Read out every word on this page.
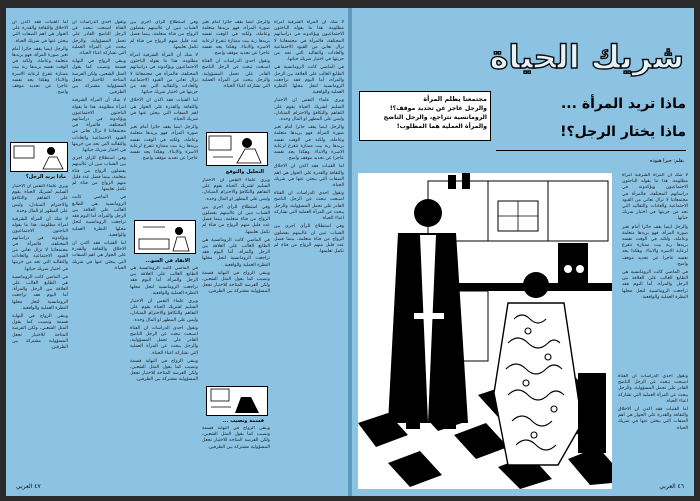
لا شك أن المرأة الشرقية امرأة مظلومة. هذا ما يقوله الباحثون الاجتماعيون ويؤكدونه في دراساتهم المختلفة، فالمرأة في مجتمعاتنا لا تزال تعاني من القيود الاجتماعية والعادات والتقاليد التي تحد من حريتها في اختيار شريك حياتها.

في الماضي كانت الرومانسية هي الطابع الغالب على العلاقة بين الرجل والمرأة، أما اليوم فقد تراجعت الرومانسية لتحل محلها النظرة العملية والواقعية.

ويرى علماء النفس ان الاختيار السليم لشريك الحياة يقوم على التفاهم والتكافؤ والاحترام المتبادل، وليس على المظهر او المال وحده.

والرجل ايضا يقف حائرا أمام تغير صورة المرأة، فهو يريدها متعلمة وعاملة، ولكنه في الوقت نفسه يريدها ربة بيت ممتازة تتفرغ لرعاية الاسرة والابناء. وهكذا يجد نفسه عاجزا عن تحديد موقف واضح.

اما الفتيات فقد اكدن ان الاخلاق والثقافة والقدرة على الحوار هي اهم الصفات التي يبحثن عنها في شريك الحياة.

وتقول احدى الدراسات ان الفتاة اصبحت تبحث عن الرجل الناضج القادر على تحمل المسؤولية، والرجل يبحث عن المرأة العملية التي تشاركه اعباء الحياة.

وفي استطلاع للرأي اجري بين الشباب تبين ان غالبيتهم يفضلون الزواج من فتاة متعلمة، بينما فضل عدد قليل منهم الزواج من فتاة لم تكمل تعليمها.

والرجل ايضا يقف حائرا أمام تغير صورة المرأة، فهو يريدها متعلمة وعاملة، ولكنه في الوقت نفسه يريدها ربة بيت ممتازة تتفرغ لرعاية الاسرة والابناء. وهكذا يجد نفسه عاجزا عن تحديد موقف واضح.

وتقول احدى الدراسات ان الفتاة اصبحت تبحث عن الرجل الناضج القادر على تحمل المسؤولية، والرجل يبحث عن المرأة العملية التي تشاركه اعباء الحياة.

التحليل والتوقع

ويرى علماء النفس ان الاختيار السليم لشريك الحياة يقوم على التفاهم والتكافؤ والاحترام المتبادل، وليس على المظهر او المال وحده.

وفي استطلاع للرأي اجري بين الشباب تبين ان غالبيتهم يفضلون الزواج من فتاة متعلمة، بينما فضل عدد قليل منهم الزواج من فتاة لم تكمل تعليمها.

في الماضي كانت الرومانسية هي الطابع الغالب على العلاقة بين الرجل والمرأة، أما اليوم فقد تراجعت الرومانسية لتحل محلها النظرة العملية والواقعية.

ويبقى الزواج في النهاية قسمة ونصيب كما يقول المثل الشعبي، ولكن الفرصة المتاحة للاختيار تجعل المسؤولية مشتركة بين الطرفين.

قسمة ونصيب ...

ويبقى الزواج في النهاية قسمة ونصيب كما يقول المثل الشعبي، ولكن الفرصة المتاحة للاختيار تجعل المسؤولية مشتركة بين الطرفين.

وفي استطلاع للرأي اجري بين الشباب تبين ان غالبيتهم يفضلون الزواج من فتاة متعلمة، بينما فضل عدد قليل منهم الزواج من فتاة لم تكمل تعليمها.

لا شك أن المرأة الشرقية امرأة مظلومة. هذا ما يقوله الباحثون الاجتماعيون ويؤكدونه في دراساتهم المختلفة، فالمرأة في مجتمعاتنا لا تزال تعاني من القيود الاجتماعية والعادات والتقاليد التي تحد من حريتها في اختيار شريك حياتها.

اما الفتيات فقد اكدن ان الاخلاق والثقافة والقدرة على الحوار هي اهم الصفات التي يبحثن عنها في شريك الحياة.

والرجل ايضا يقف حائرا أمام تغير صورة المرأة، فهو يريدها متعلمة وعاملة، ولكنه في الوقت نفسه يريدها ربة بيت ممتازة تتفرغ لرعاية الاسرة والابناء. وهكذا يجد نفسه عاجزا عن تحديد موقف واضح.

الانقاد في السو...

في الماضي كانت الرومانسية هي الطابع الغالب على العلاقة بين الرجل والمرأة، أما اليوم فقد تراجعت الرومانسية لتحل محلها النظرة العملية والواقعية.

ويرى علماء النفس ان الاختيار السليم لشريك الحياة يقوم على التفاهم والتكافؤ والاحترام المتبادل، وليس على المظهر او المال وحده.

وتقول احدى الدراسات ان الفتاة اصبحت تبحث عن الرجل الناضج القادر على تحمل المسؤولية، والرجل يبحث عن المرأة العملية التي تشاركه اعباء الحياة.

ويبقى الزواج في النهاية قسمة ونصيب كما يقول المثل الشعبي، ولكن الفرصة المتاحة للاختيار تجعل المسؤولية مشتركة بين الطرفين.

وتقول احدى الدراسات ان الفتاة اصبحت تبحث عن الرجل الناضج القادر على تحمل المسؤولية، والرجل يبحث عن المرأة العملية التي تشاركه اعباء الحياة.

ويبقى الزواج في النهاية قسمة ونصيب كما يقول المثل الشعبي، ولكن الفرصة المتاحة للاختيار تجعل المسؤولية مشتركة بين الطرفين.

لا شك أن المرأة الشرقية امرأة مظلومة. هذا ما يقوله الباحثون الاجتماعيون ويؤكدونه في دراساتهم المختلفة، فالمرأة في مجتمعاتنا لا تزال تعاني من القيود الاجتماعية والعادات والتقاليد التي تحد من حريتها في اختيار شريك حياتها.

وفي استطلاع للرأي اجري بين الشباب تبين ان غالبيتهم يفضلون الزواج من فتاة متعلمة، بينما فضل عدد قليل منهم الزواج من فتاة لم تكمل تعليمها.

في الماضي كانت الرومانسية هي الطابع الغالب على العلاقة بين الرجل والمرأة، أما اليوم فقد تراجعت الرومانسية لتحل محلها النظرة العملية والواقعية.

اما الفتيات فقد اكدن ان الاخلاق والثقافة والقدرة على الحوار هي اهم الصفات التي يبحثن عنها في شريك الحياة.

اما الفتيات فقد اكدن ان الاخلاق والثقافة والقدرة على الحوار هي اهم الصفات التي يبحثن عنها في شريك الحياة.

والرجل ايضا يقف حائرا أمام تغير صورة المرأة، فهو يريدها متعلمة وعاملة، ولكنه في الوقت نفسه يريدها ربة بيت ممتازة تتفرغ لرعاية الاسرة والابناء. وهكذا يجد نفسه عاجزا عن تحديد موقف واضح.

ماذا يريد الرجل؟

ويرى علماء النفس ان الاختيار السليم لشريك الحياة يقوم على التفاهم والتكافؤ والاحترام المتبادل، وليس على المظهر او المال وحده.

لا شك أن المرأة الشرقية امرأة مظلومة. هذا ما يقوله الباحثون الاجتماعيون ويؤكدونه في دراساتهم المختلفة، فالمرأة في مجتمعاتنا لا تزال تعاني من القيود الاجتماعية والعادات والتقاليد التي تحد من حريتها في اختيار شريك حياتها.

في الماضي كانت الرومانسية هي الطابع الغالب على العلاقة بين الرجل والمرأة، أما اليوم فقد تراجعت الرومانسية لتحل محلها النظرة العملية والواقعية.

ويبقى الزواج في النهاية قسمة ونصيب كما يقول المثل الشعبي، ولكن الفرصة المتاحة للاختيار تجعل المسؤولية مشتركة بين الطرفين.

٤٧ العربي
شريك الحياة
ماذا تريد المرأة ...
ماذا يختار الرجل؟!
بقلم: جيرا هنوده
مجتمعنا يظلم المرأة
والرجل عاجز عن تحديد موقف؟!
الرومانسية تتراجع، والرجل الناضج
والمرأة العملية هما المطلوب!

لا شك أن المرأة الشرقية امرأة مظلومة. هذا ما يقوله الباحثون الاجتماعيون ويؤكدونه في دراساتهم المختلفة، فالمرأة في مجتمعاتنا لا تزال تعاني من القيود الاجتماعية والعادات والتقاليد التي تحد من حريتها في اختيار شريك حياتها.

والرجل ايضا يقف حائرا أمام تغير صورة المرأة، فهو يريدها متعلمة وعاملة، ولكنه في الوقت نفسه يريدها ربة بيت ممتازة تتفرغ لرعاية الاسرة والابناء. وهكذا يجد نفسه عاجزا عن تحديد موقف واضح.

في الماضي كانت الرومانسية هي الطابع الغالب على العلاقة بين الرجل والمرأة، أما اليوم فقد تراجعت الرومانسية لتحل محلها النظرة العملية والواقعية.

وتقول احدى الدراسات ان الفتاة اصبحت تبحث عن الرجل الناضج القادر على تحمل المسؤولية، والرجل يبحث عن المرأة العملية التي تشاركه اعباء الحياة.

اما الفتيات فقد اكدن ان الاخلاق والثقافة والقدرة على الحوار هي اهم الصفات التي يبحثن عنها في شريك الحياة.

٤٦ العربي
